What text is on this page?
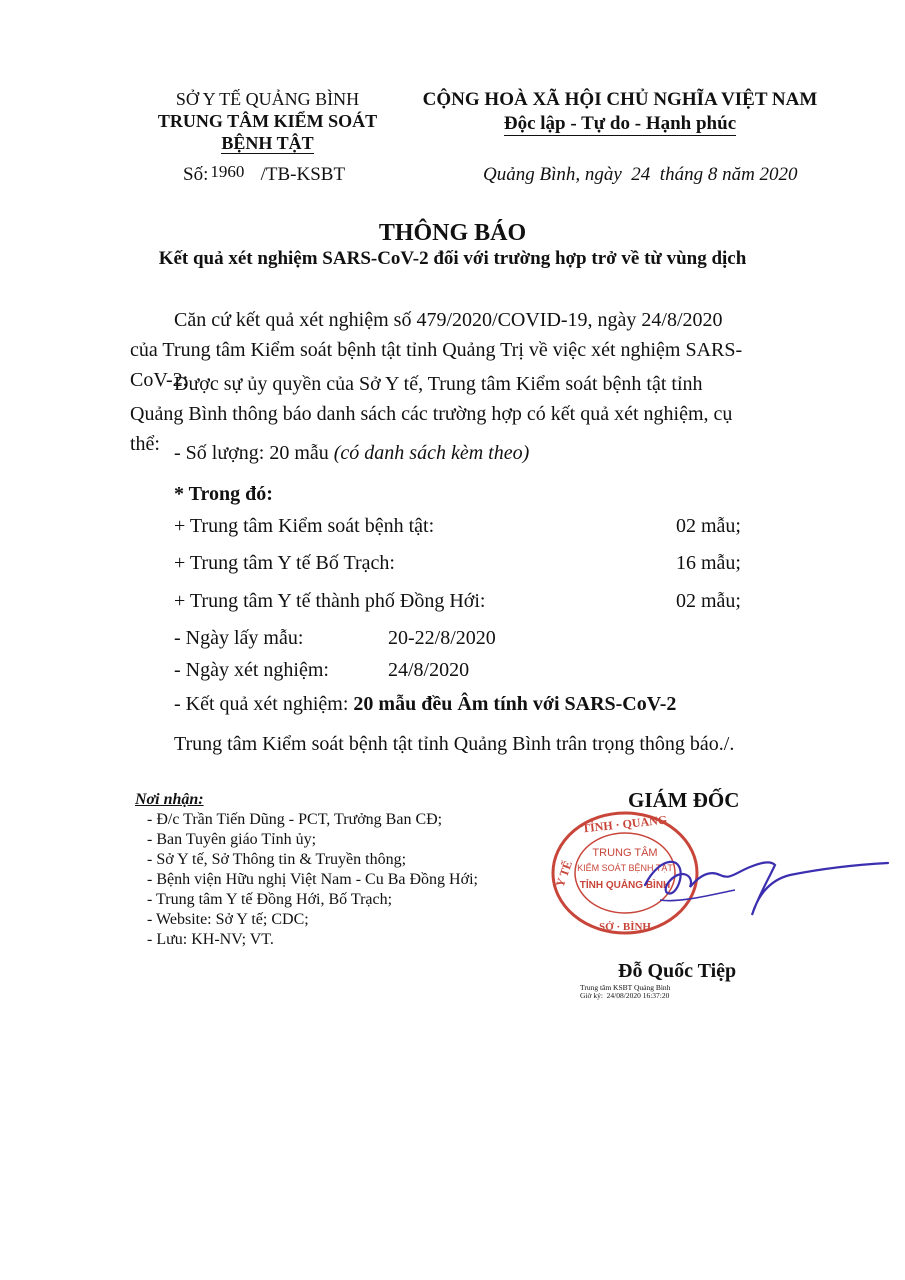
SỞ Y TẾ QUẢNG BÌNH
TRUNG TÂM KIỂM SOÁT
BỆNH TẬT
CỘNG HOÀ XÃ HỘI CHỦ NGHĨA VIỆT NAM
Độc lập - Tự do - Hạnh phúc
Số: 1960 /TB-KSBT	Quảng Bình, ngày  24  tháng 8 năm 2020
THÔNG BÁO
Kết quả xét nghiệm SARS-CoV-2 đối với trường hợp trở về từ vùng dịch
Căn cứ kết quả xét nghiệm số 479/2020/COVID-19, ngày 24/8/2020 của Trung tâm Kiểm soát bệnh tật tỉnh Quảng Trị về việc xét nghiệm SARS-CoV-2;
Được sự ủy quyền của Sở Y tế, Trung tâm Kiểm soát bệnh tật tỉnh Quảng Bình thông báo danh sách các trường hợp có kết quả xét nghiệm, cụ thể: - Số lượng: 20 mẫu (có danh sách kèm theo)
* Trong đó:
+ Trung tâm Kiểm soát bệnh tật:	02 mẫu;
+ Trung tâm Y tế Bố Trạch:	16 mẫu;
+ Trung tâm Y tế thành phố Đồng Hới:	02 mẫu;
- Ngày lấy mẫu:	20-22/8/2020
- Ngày xét nghiệm:	24/8/2020
- Kết quả xét nghiệm: 20 mẫu đều Âm tính với SARS-CoV-2
Trung tâm Kiểm soát bệnh tật tỉnh Quảng Bình trân trọng thông báo./.
Nơi nhận:
- Đ/c Trần Tiến Dũng - PCT, Trưởng Ban CĐ;
- Ban Tuyên giáo Tỉnh ủy;
- Sở Y tế, Sở Thông tin & Truyền thông;
- Bệnh viện Hữu nghị Việt Nam - Cu Ba Đồng Hới;
- Trung tâm Y tế Đồng Hới, Bố Trạch;
- Website: Sở Y tế; CDC;
- Lưu: KH-NV; VT.
GIÁM ĐỐC
TỈNH · QUẢNG
Y TẾ
SỞ · BÌNH
TRUNG TÂM
KIỂM SOÁT BỆNH TẬT
TỈNH QUẢNG BÌNH
Đỗ Quốc Tiệp
Trung tâm KSBT Quảng Bình
Giờ ký:  24/08/2020 16:37:20
